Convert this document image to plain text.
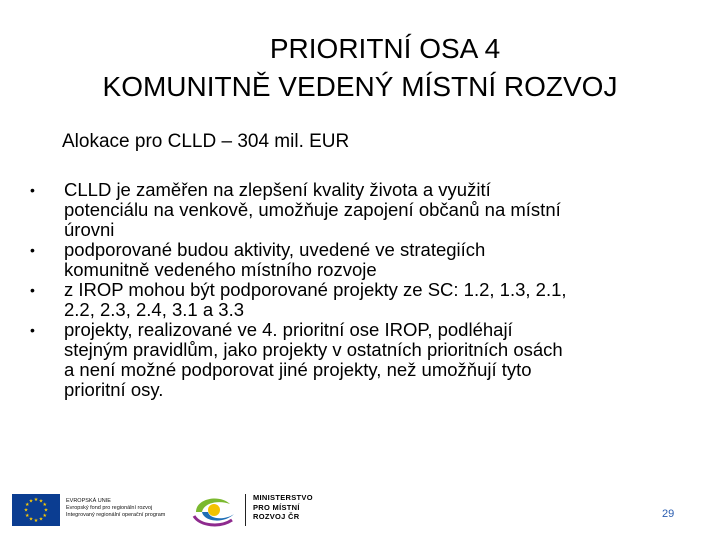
PRIORITNÍ OSA 4
KOMUNITNĚ VEDENÝ MÍSTNÍ ROZVOJ
Alokace pro CLLD – 304 mil. EUR
•	CLLD je zaměřen na zlepšení kvality života a využití
potenciálu na venkově, umožňuje zapojení občanů na místní
úrovni
•	podporované budou aktivity, uvedené ve strategiích
komunitně vedeného místního rozvoje
•	z IROP mohou být podporované projekty ze SC: 1.2, 1.3, 2.1,
2.2, 2.3, 2.4, 3.1 a 3.3
•	projekty, realizované ve 4. prioritní ose IROP, podléhají
stejným pravidlům, jako projekty v ostatních prioritních osách
a není možné podporovat jiné projekty, než umožňují tyto
prioritní osy.
★ ★
★
★
★
★
★
★
★
★
★
★	EVROPSKÁ UNIE
Evropský fond pro regionální rozvoj
Integrovaný regionální operační program
MINISTERSTVO
PRO MÍSTNÍ
ROZVOJ ČR	29
